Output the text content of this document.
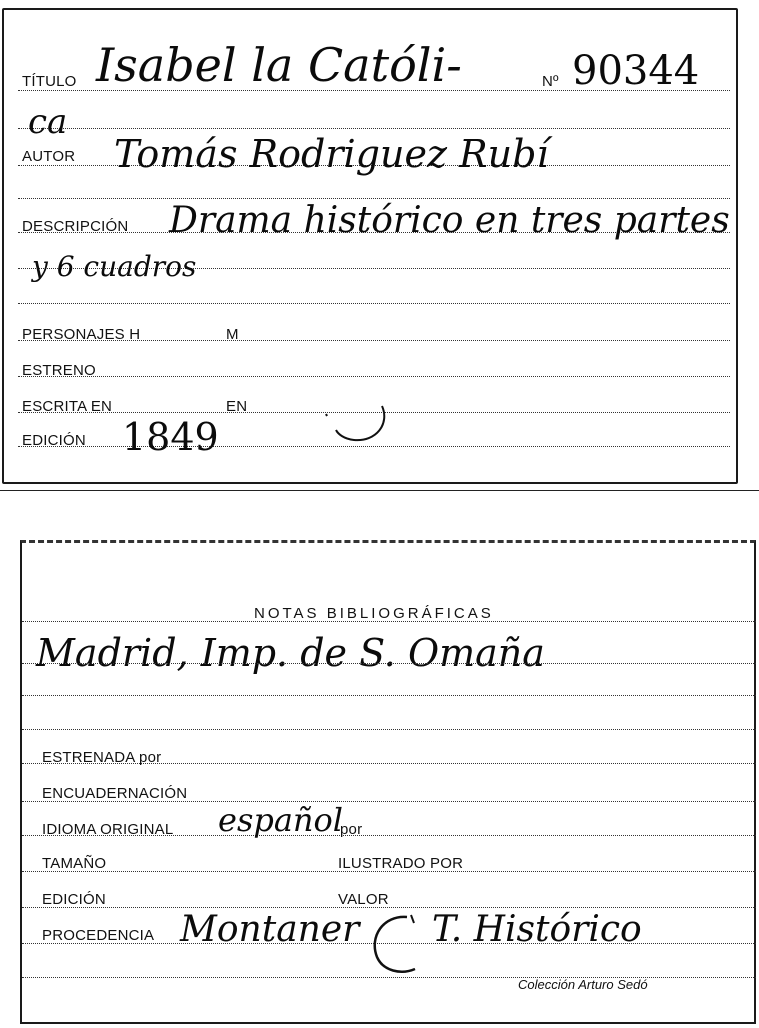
TÍTULO Isabel la Católi-	Nº 90344
ca
AUTOR Tomás Rodriguez Rubí
DESCRIPCIÓN Drama histórico en tres partes
y 6 cuadros
PERSONAJES H	M
ESTRENO
ESCRITA EN	EN
EDICIÓN 1849
NOTAS BIBLIOGRÁFICAS
Madrid, Imp. de S. Omaña
ESTRENADA por
ENCUADERNACIÓN
IDIOMA ORIGINAL español
por
TAMAÑO	ILUSTRADO POR
EDICIÓN	VALOR
PROCEDENCIA Montaner T. Histórico
Colección Arturo Sedó
